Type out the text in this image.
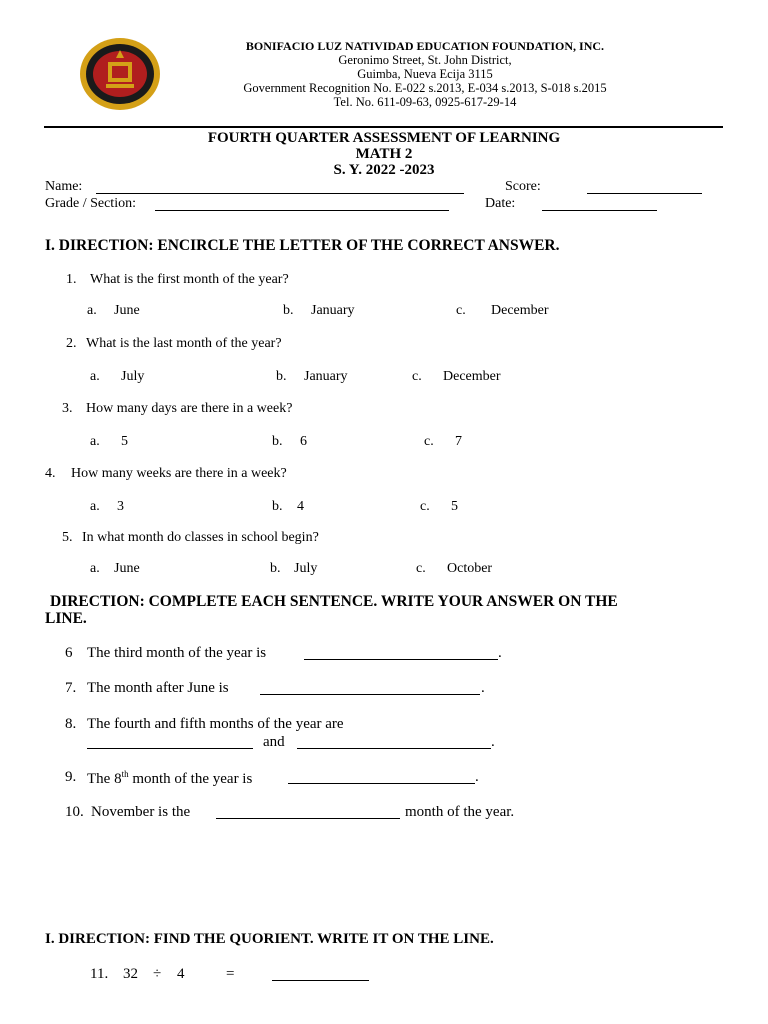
BONIFACIO LUZ NATIVIDAD EDUCATION FOUNDATION, INC.
Geronimo Street, St. John District,
Guimba, Nueva Ecija 3115
Government Recognition No. E-022 s.2013, E-034 s.2013, S-018 s.2015
Tel. No. 611-09-63, 0925-617-29-14
FOURTH QUARTER ASSESSMENT OF LEARNING
MATH 2
S. Y. 2022 -2023
Name:	Score:
Grade / Section:	Date:
I. DIRECTION: ENCIRCLE THE LETTER OF THE CORRECT ANSWER.
1. What is the first month of the year?
a. June	b. January	c. December
2. What is the last month of the year?
a. July	b. January	c. December
3. How many days are there in a week?
a. 5	b. 6	c. 7
4. How many weeks are there in a week?
a. 3	b. 4	c. 5
5. In what month do classes in school begin?
a. June	b. July	c. October
DIRECTION: COMPLETE EACH SENTENCE. WRITE YOUR ANSWER ON THE
LINE.
6 The third month of the year is	.
7. The month after June is	.
8. The fourth and fifth months of the year are
and	.
9. The 8th month of the year is	.
10. November is the	month of the year.
I. DIRECTION: FIND THE QUORIENT. WRITE IT ON THE LINE.
11. 32 ÷ 4	=
